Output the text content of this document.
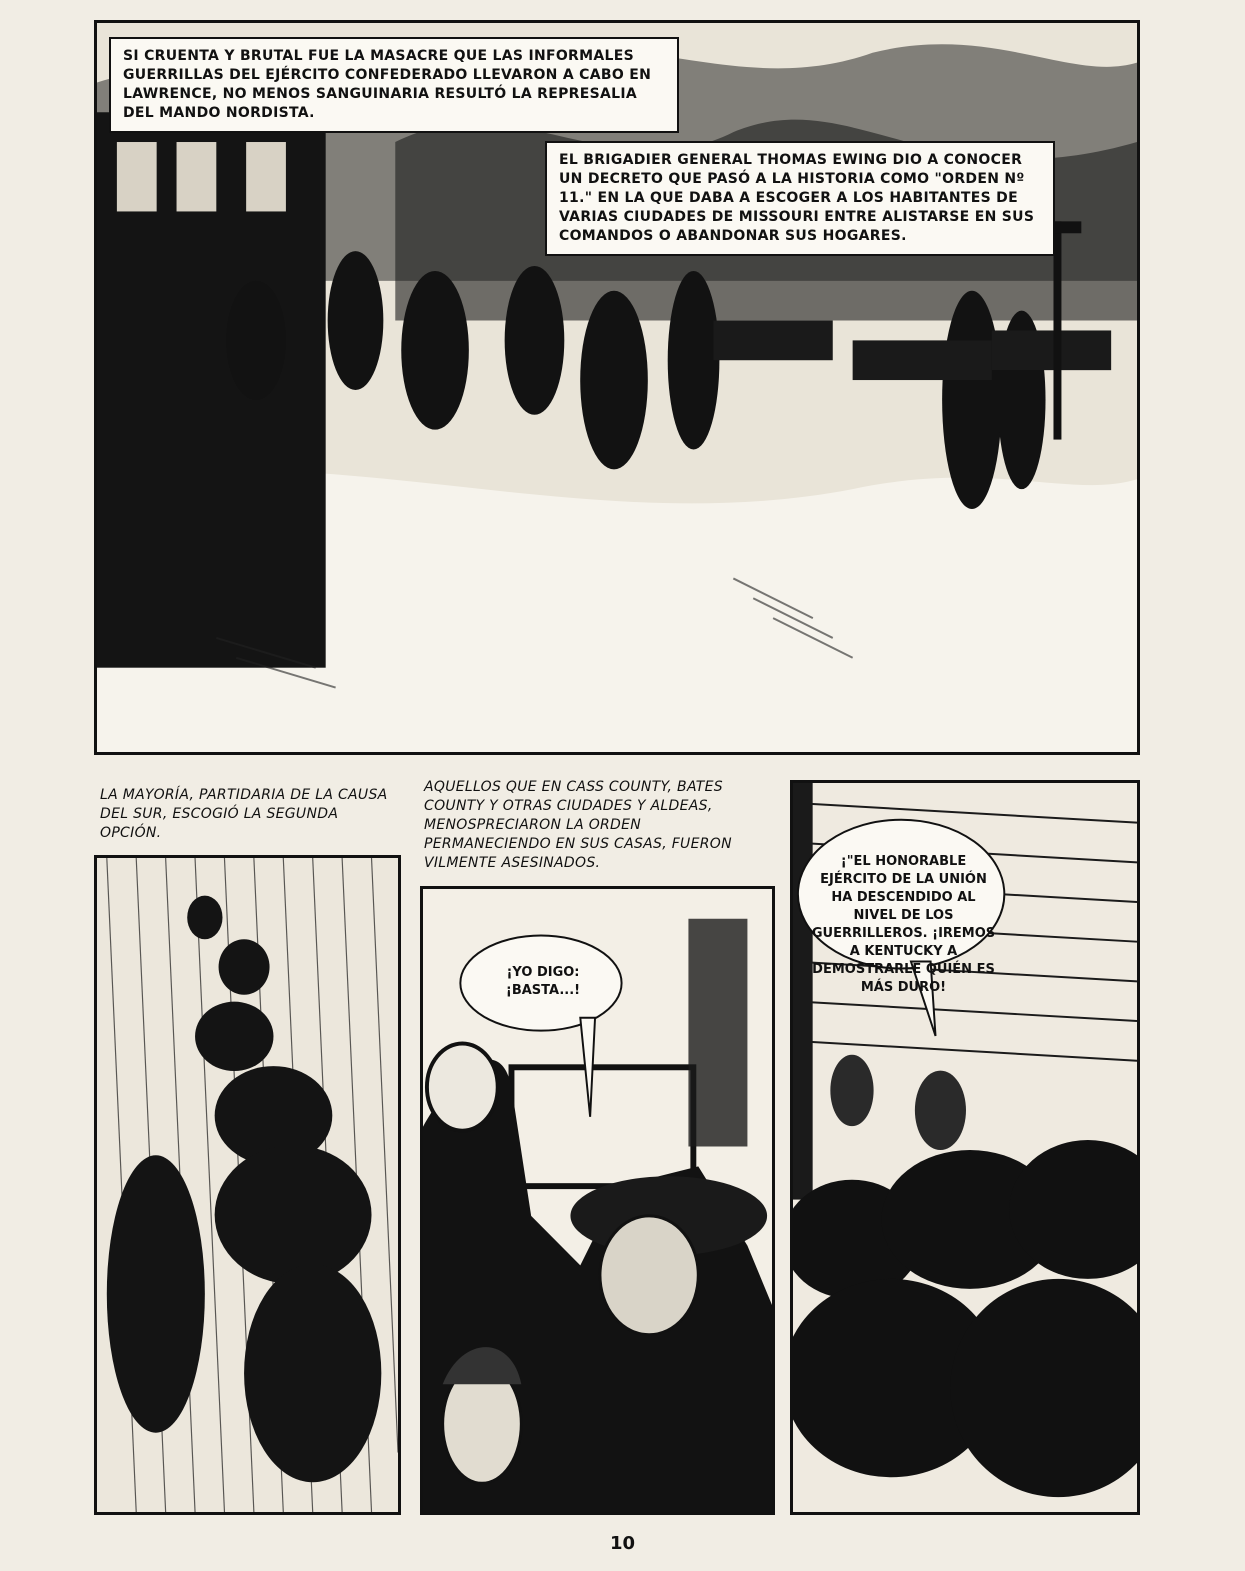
SI CRUENTA Y BRUTAL FUE LA MASACRE QUE LAS INFORMALES GUERRILLAS DEL EJÉRCITO CONFEDERADO LLEVARON A CABO EN LAWRENCE, NO MENOS SANGUINARIA RESULTÓ LA REPRESALIA DEL MANDO NORDISTA.
EL BRIGADIER GENERAL THOMAS EWING DIO A CONOCER UN DECRETO QUE PASÓ A LA HISTORIA COMO "ORDEN Nº 11." EN LA QUE DABA A ESCOGER A LOS HABITANTES DE VARIAS CIUDADES DE MISSOURI ENTRE ALISTARSE EN SUS COMANDOS O ABANDONAR SUS HOGARES.
LA MAYORÍA, PARTIDARIA DE LA CAUSA DEL SUR, ESCOGIÓ LA SEGUNDA OPCIÓN.
AQUELLOS QUE EN CASS COUNTY, BATES COUNTY Y OTRAS CIUDADES Y ALDEAS, MENOSPRECIARON LA ORDEN PERMANECIENDO EN SUS CASAS, FUERON VILMENTE ASESINADOS.
¡YO DIGO: ¡BASTA...!
¡"EL HONORABLE EJÉRCITO DE LA UNIÓN HA DESCENDIDO AL NIVEL DE LOS GUERRILLEROS. ¡IREMOS A KENTUCKY A DEMOSTRARLE QUIÉN ES MÁS DURO!
10
